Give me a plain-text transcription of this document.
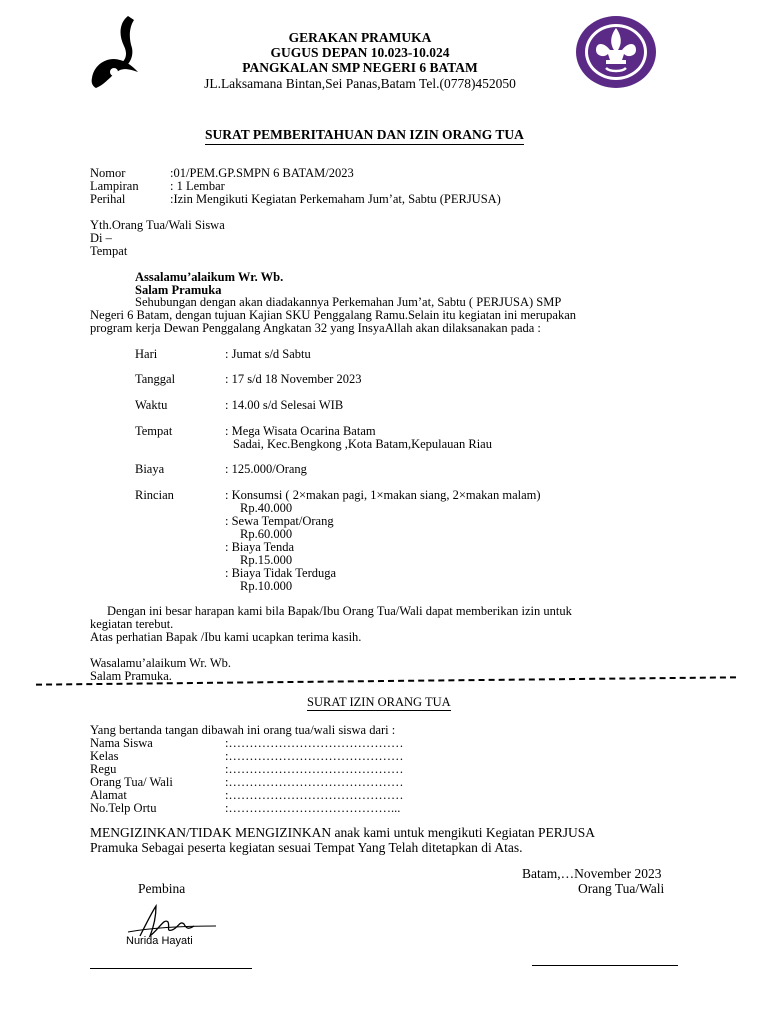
GERAKAN PRAMUKA
GUGUS DEPAN 10.023-10.024
PANGKALAN SMP NEGERI 6 BATAM
JL.Laksamana Bintan,Sei Panas,Batam Tel.(0778)452050
SURAT PEMBERITAHUAN DAN IZIN ORANG TUA
Nomor	:01/PEM.GP.SMPN 6 BATAM/2023
Lampiran	: 1 Lembar
Perihal	:Izin Mengikuti Kegiatan Perkemaham Jum’at, Sabtu (PERJUSA)
Yth.Orang Tua/Wali Siswa
Di –
Tempat
Assalamu’alaikum Wr. Wb.
Salam Pramuka
Sehubungan dengan akan diadakannya Perkemahan Jum’at, Sabtu ( PERJUSA) SMP
Negeri 6 Batam, dengan tujuan Kajian SKU Penggalang Ramu.Selain itu kegiatan ini merupakan
program kerja Dewan Penggalang Angkatan 32 yang InsyaAllah akan dilaksanakan pada :
Hari	: Jumat s/d Sabtu
Tanggal	: 17 s/d 18 November 2023
Waktu	: 14.00 s/d Selesai WIB
Tempat	: Mega Wisata Ocarina Batam
Sadai, Kec.Bengkong ,Kota Batam,Kepulauan Riau
Biaya	: 125.000/Orang
Rincian	: Konsumsi ( 2×makan pagi, 1×makan siang, 2×makan malam)
Rp.40.000
: Sewa Tempat/Orang
Rp.60.000
: Biaya Tenda
Rp.15.000
: Biaya Tidak Terduga
Rp.10.000
Dengan ini besar harapan kami bila Bapak/Ibu Orang Tua/Wali dapat memberikan izin untuk
kegiatan terebut.
Atas perhatian Bapak /Ibu kami ucapkan terima kasih.
Wasalamu’alaikum Wr. Wb.
Salam Pramuka.
SURAT IZIN ORANG TUA
Yang bertanda tangan dibawah ini orang tua/wali siswa dari :
Nama Siswa	:……………………………………
Kelas	:……………………………………
Regu	:……………………………………
Orang Tua/ Wali	:……………………………………
Alamat	:……………………………………
No.Telp Ortu	:…………………………………...
MENGIZINKAN/TIDAK MENGIZINKAN anak kami untuk mengikuti Kegiatan PERJUSA
Pramuka Sebagai peserta kegiatan sesuai Tempat Yang Telah ditetapkan di Atas.
Batam,…November 2023
Orang Tua/Wali
Pembina
Nurida Hayati
